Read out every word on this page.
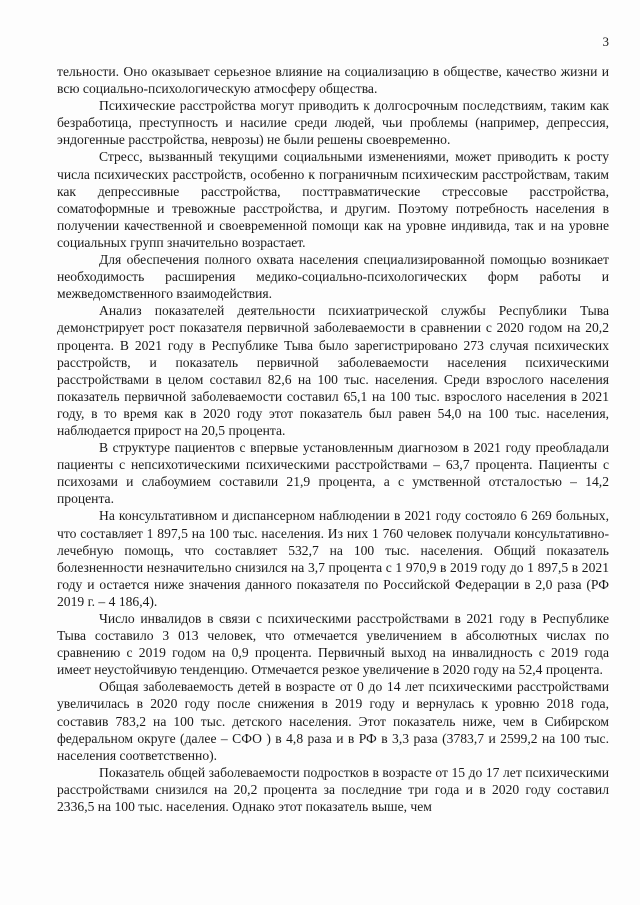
3

тельности. Оно оказывает серьезное влияние на социализацию в обществе, качество жизни и всю социально-психологическую атмосферу общества.

Психические расстройства могут приводить к долгосрочным последствиям, таким как безработица, преступность и насилие среди людей, чьи проблемы (например, депрессия, эндогенные расстройства, неврозы) не были решены своевременно.

Стресс, вызванный текущими социальными изменениями, может приводить к росту числа психических расстройств, особенно к пограничным психическим расстройствам, таким как депрессивные расстройства, посттравматические стрессовые расстройства, соматоформные и тревожные расстройства, и другим. Поэтому потребность населения в получении качественной и своевременной помощи как на уровне индивида, так и на уровне социальных групп значительно возрастает.

Для обеспечения полного охвата населения специализированной помощью возникает необходимость расширения медико-социально-психологических форм работы и межведомственного взаимодействия.

Анализ показателей деятельности психиатрической службы Республики Тыва демонстрирует рост показателя первичной заболеваемости в сравнении с 2020 годом на 20,2 процента. В 2021 году в Республике Тыва было зарегистрировано 273 случая психических расстройств, и показатель первичной заболеваемости населения психическими расстройствами в целом составил 82,6 на 100 тыс. населения. Среди взрослого населения показатель первичной заболеваемости составил 65,1 на 100 тыс. взрослого населения в 2021 году, в то время как в 2020 году этот показатель был равен 54,0 на 100 тыс. населения, наблюдается прирост на 20,5 процента.

В структуре пациентов с впервые установленным диагнозом в 2021 году преобладали пациенты с непсихотическими психическими расстройствами – 63,7 процента. Пациенты с психозами и слабоумием составили 21,9 процента, а с умственной отсталостью – 14,2 процента.

На консультативном и диспансерном наблюдении в 2021 году состояло 6 269 больных, что составляет 1 897,5 на 100 тыс. населения. Из них 1 760 человек получали консультативно-лечебную помощь, что составляет 532,7 на 100 тыс. населения. Общий показатель болезненности незначительно снизился на 3,7 процента с 1 970,9 в 2019 году до 1 897,5 в 2021 году и остается ниже значения данного показателя по Российской Федерации в 2,0 раза (РФ 2019 г. – 4 186,4).

Число инвалидов в связи с психическими расстройствами в 2021 году в Республике Тыва составило 3 013 человек, что отмечается увеличением в абсолютных числах по сравнению с 2019 годом на 0,9 процента. Первичный выход на инвалидность с 2019 года имеет неустойчивую тенденцию. Отмечается резкое увеличение в 2020 году на 52,4 процента.

Общая заболеваемость детей в возрасте от 0 до 14 лет психическими расстройствами увеличилась в 2020 году после снижения в 2019 году и вернулась к уровню 2018 года, составив 783,2 на 100 тыс. детского населения. Этот показатель ниже, чем в Сибирском федеральном округе (далее – СФО ) в 4,8 раза и в РФ в 3,3 раза (3783,7 и 2599,2 на 100 тыс. населения соответственно).

Показатель общей заболеваемости подростков в возрасте от 15 до 17 лет психическими расстройствами снизился на 20,2 процента за последние три года и в 2020 году составил 2336,5 на 100 тыс. населения. Однако этот показатель выше, чем
